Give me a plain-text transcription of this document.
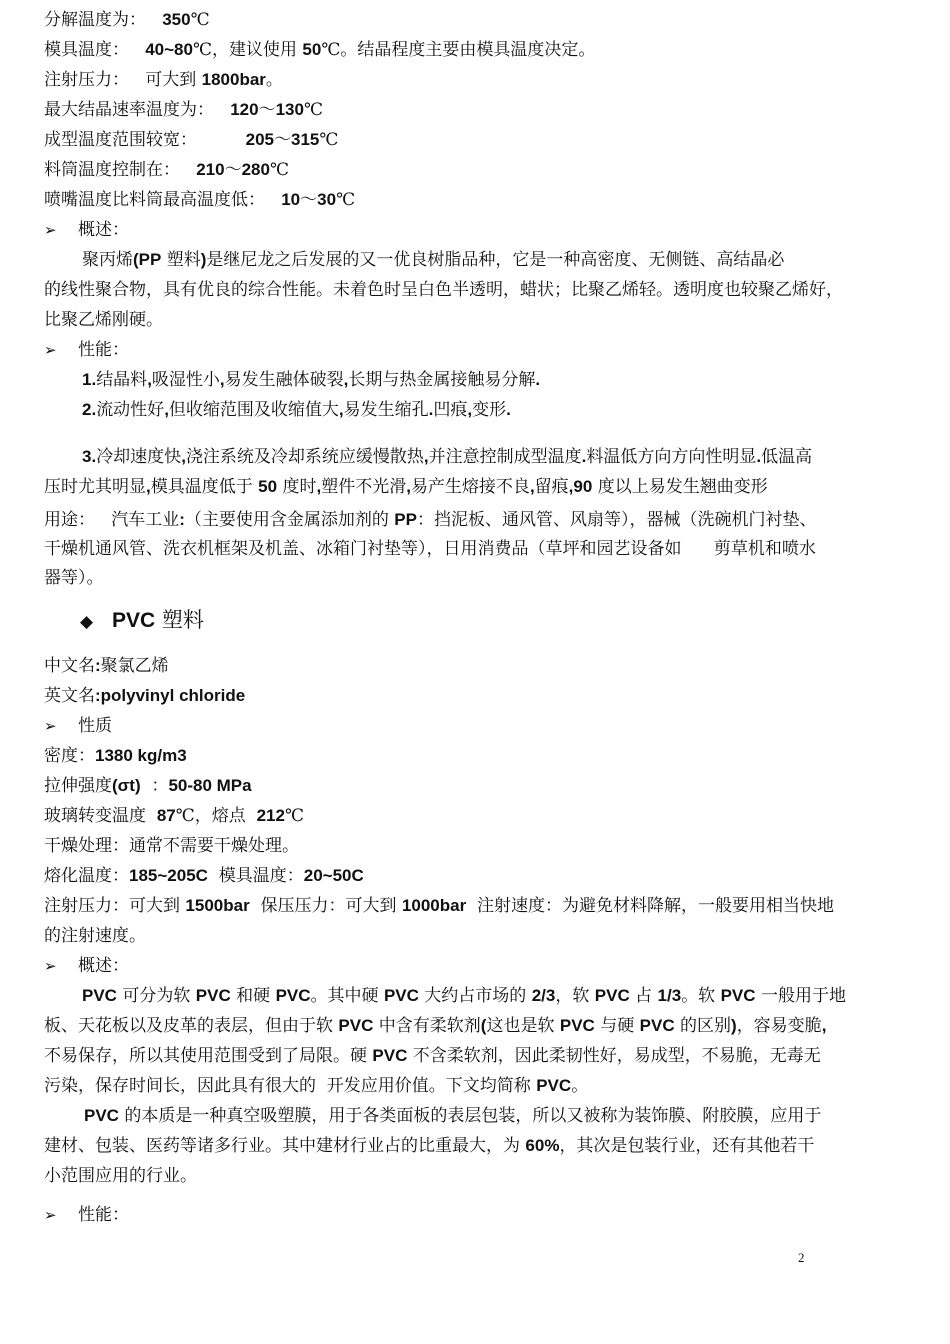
2
分解温度为：   350℃
模具温度：   40~80℃，建议使用 50℃。结晶程度主要由模具温度决定。
注射压力：   可大到 1800bar。
最大结晶速率温度为：   120～130℃
成型温度范围较宽：         205～315℃
料筒温度控制在：   210～280℃
喷嘴温度比料筒最高温度低：   10～30℃
➢ 概述：
聚丙烯(PP 塑料)是继尼龙之后发展的又一优良树脂品种，它是一种高密度、无侧链、高结晶必
的线性聚合物，具有优良的综合性能。未着色时呈白色半透明，蜡状；比聚乙烯轻。透明度也较聚乙烯好，
比聚乙烯刚硬。
➢ 性能：
1.结晶料,吸湿性小,易发生融体破裂,长期与热金属接触易分解.
2.流动性好,但收缩范围及收缩值大,易发生缩孔.凹痕,变形.
3.冷却速度快,浇注系统及冷却系统应缓慢散热,并注意控制成型温度.料温低方向方向性明显.低温高
压时尤其明显,模具温度低于 50 度时,塑件不光滑,易产生熔接不良,留痕,90 度以上易发生翘曲变形
用途：   汽车工业:（主要使用含金属添加剂的 PP：挡泥板、通风管、风扇等），器械（洗碗机门衬垫、
干燥机通风管、洗衣机框架及机盖、冰箱门衬垫等），日用消费品（草坪和园艺设备如      剪草机和喷水
器等）。
◆ PVC 塑料
中文名:聚氯乙烯
英文名:polyvinyl chloride
➢ 性质
密度：1380 kg/m3
拉伸强度(σt)  ：50-80 MPa
玻璃转变温度  87℃，熔点  212℃
干燥处理：通常不需要干燥处理。
熔化温度：185~205C  模具温度：20~50C
注射压力：可大到 1500bar  保压压力：可大到 1000bar  注射速度：为避免材料降解，一般要用相当快地
的注射速度。
➢ 概述：
PVC 可分为软 PVC 和硬 PVC。其中硬 PVC 大约占市场的 2/3，软 PVC 占 1/3。软 PVC 一般用于地
板、天花板以及皮革的表层，但由于软 PVC 中含有柔软剂(这也是软 PVC 与硬 PVC 的区别)，容易变脆,
不易保存，所以其使用范围受到了局限。硬 PVC 不含柔软剂，因此柔韧性好，易成型，不易脆，无毒无
污染，保存时间长，因此具有很大的  开发应用价值。下文均简称 PVC。
PVC 的本质是一种真空吸塑膜，用于各类面板的表层包装，所以又被称为装饰膜、附胶膜，应用于
建材、包装、医药等诸多行业。其中建材行业占的比重最大，为 60%，其次是包装行业，还有其他若干
小范围应用的行业。
➢ 性能：
